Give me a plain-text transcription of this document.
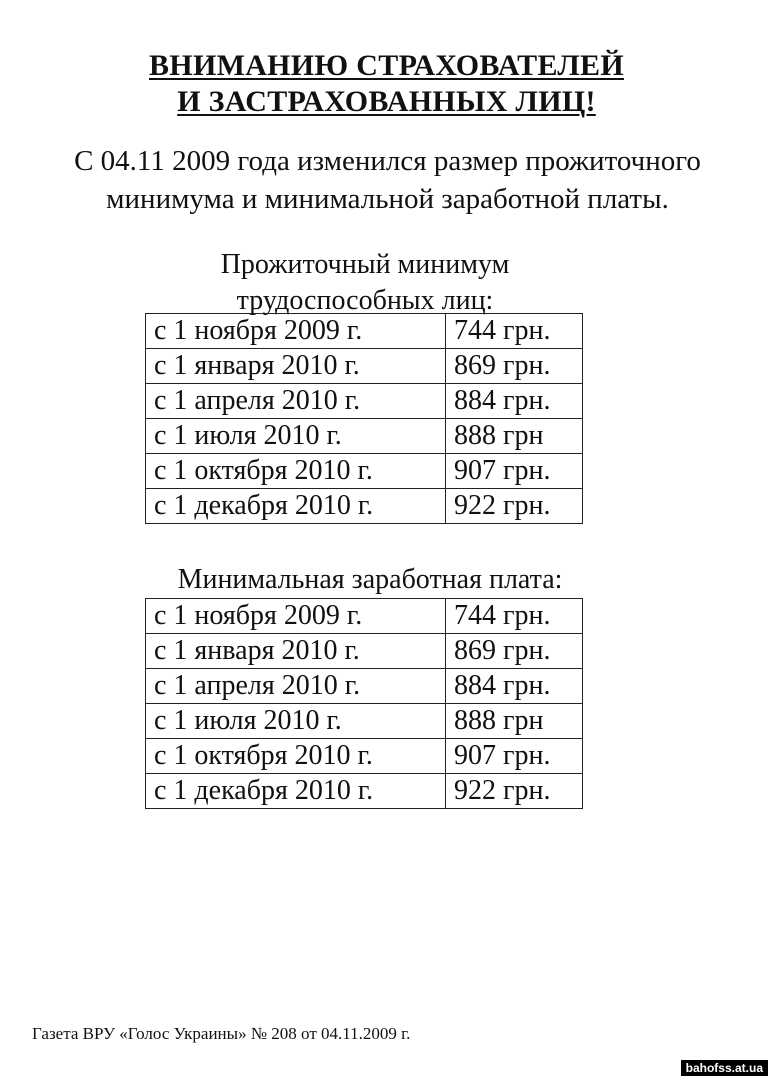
ВНИМАНИЮ СТРАХОВАТЕЛЕЙ
И ЗАСТРАХОВАННЫХ ЛИЦ!
С 04.11 2009 года изменился размер прожиточного
минимума и минимальной заработной платы.
Прожиточный минимум
трудоспособных лиц:
с 1 ноября 2009 г.	744 грн.
с 1 января 2010 г.	869 грн.
с 1 апреля 2010 г.	884 грн.
с 1 июля 2010 г.	888 грн
с 1 октября 2010 г.	907 грн.
с 1 декабря 2010 г.	922 грн.
Минимальная заработная плата:
с 1 ноября 2009 г.	744 грн.
с 1 января 2010 г.	869 грн.
с 1 апреля 2010 г.	884 грн.
с 1 июля 2010 г.	888 грн
с 1 октября 2010 г.	907 грн.
с 1 декабря 2010 г.	922 грн.
Газета ВРУ «Голос Украины» № 208 от 04.11.2009 г.
bahofss.at.ua
